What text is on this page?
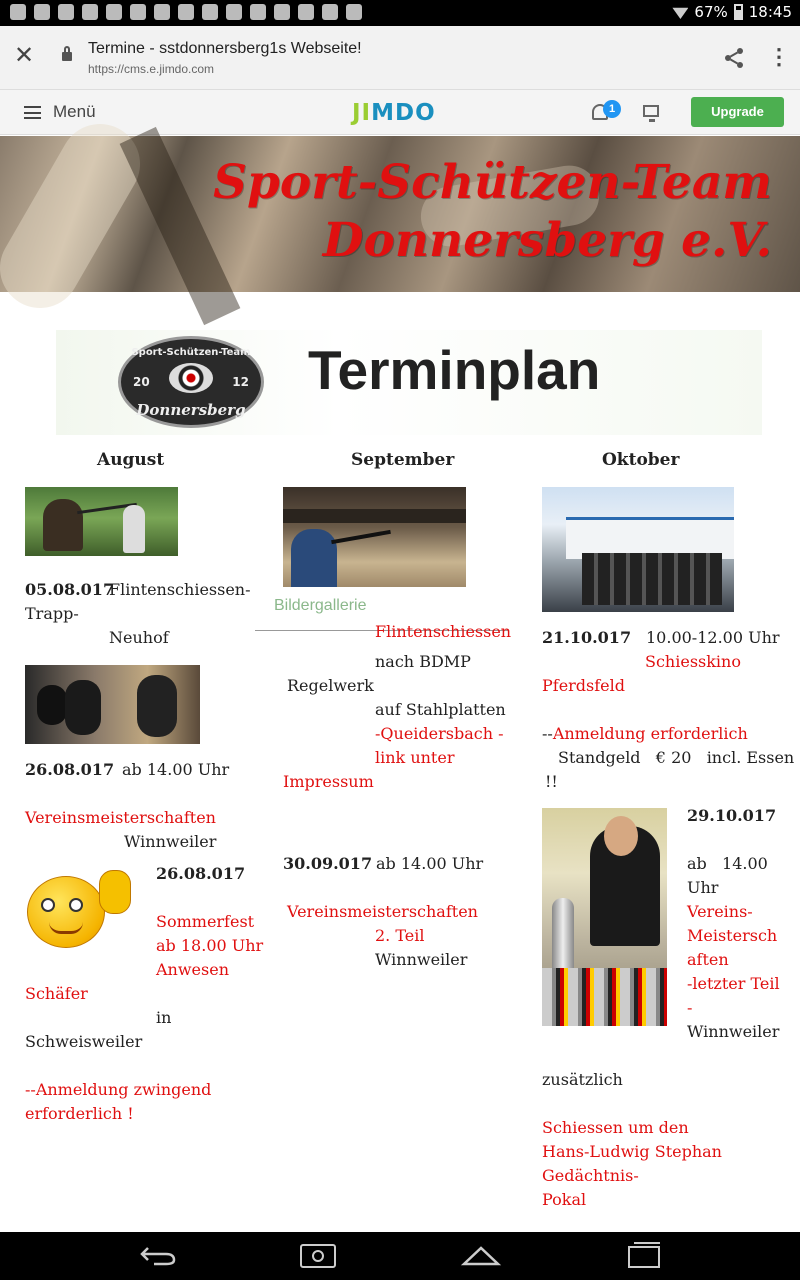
67% 18:45
✕	Termine - sstdonnersberg1s Webseite!
https://cms.e.jimdo.com	⋮
Menü	JIMDO	1	Upgrade
Sport-Schützen-Team
Donnersberg e.V.
Sport-Schützen-Team
20	12
Donnersberg
Terminplan
August
05.08.017
Flintenschiessen-
Trapp-
Neuhof
26.08.017 ab 14.00 Uhr
Vereinsmeisterschaften
Winnweiler
26.08.017
Sommerfest
ab 18.00 Uhr
Anwesen
Schäfer
in
Schweisweiler
--Anmeldung zwingend
erforderlich !
September
Bildergallerie
Flintenschiessen
nach BDMP
Regelwerk
auf Stahlplatten
-Queidersbach -
link unter
Impressum
30.09.017 ab 14.00 Uhr
Vereinsmeisterschaften
2. Teil
Winnweiler
Oktober
21.10.017 10.00-12.00 Uhr
Schiesskino
Pferdsfeld
--Anmeldung erforderlich
Standgeld   € 20   incl. Essen
!!
29.10.017
ab   14.00
Uhr
Vereins-
Meistersch
aften
-letzter Teil
-
Winnweiler
zusätzlich
Schiessen um den
Hans-Ludwig Stephan
Gedächtnis-
Pokal
